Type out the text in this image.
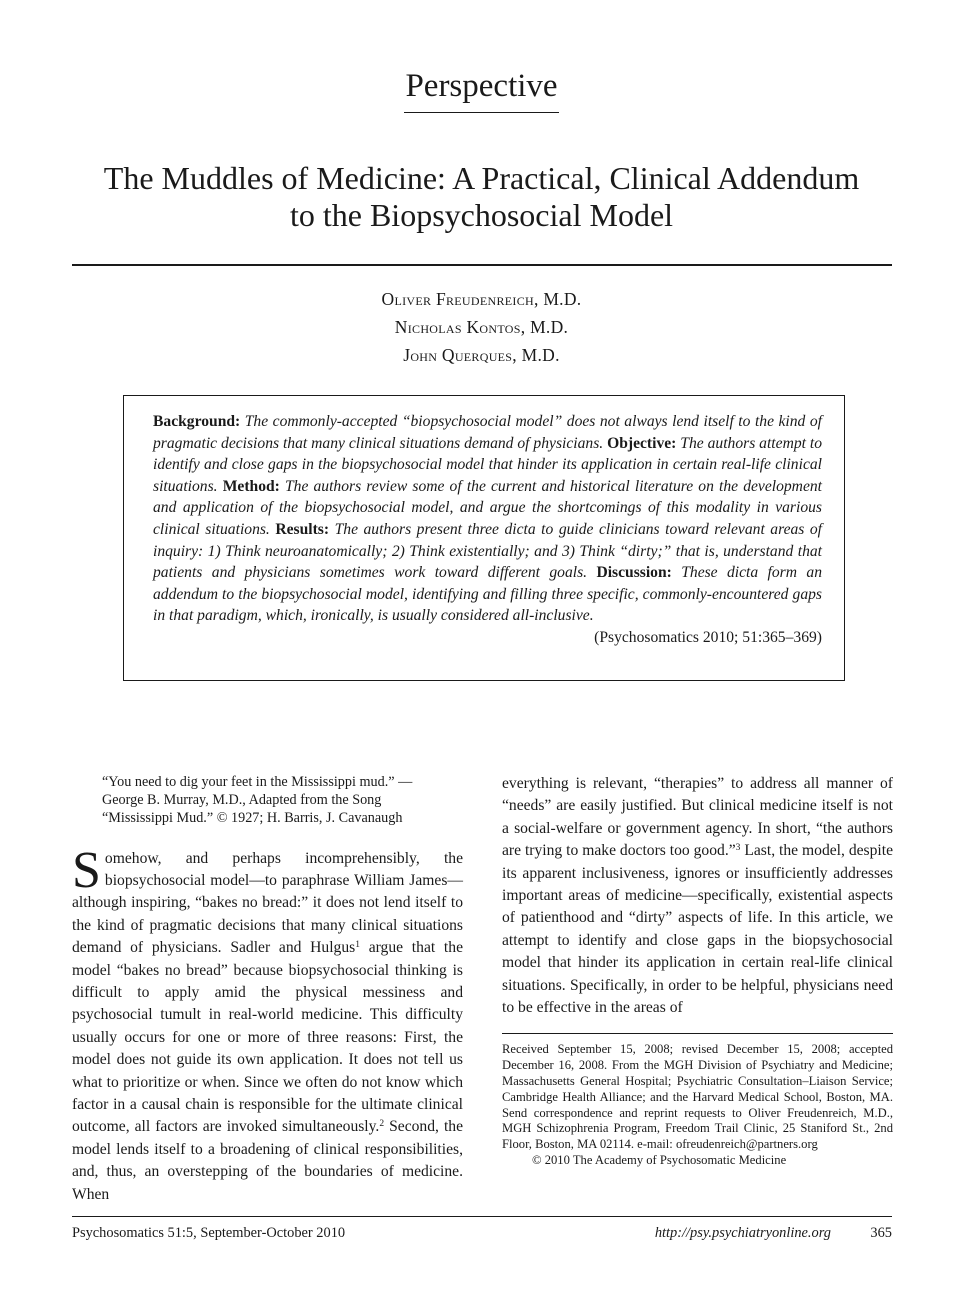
Perspective
The Muddles of Medicine: A Practical, Clinical Addendum to the Biopsychosocial Model
Oliver Freudenreich, M.D.
Nicholas Kontos, M.D.
John Querques, M.D.
Background: The commonly-accepted “biopsychosocial model” does not always lend itself to the kind of pragmatic decisions that many clinical situations demand of physicians. Objective: The authors attempt to identify and close gaps in the biopsychosocial model that hinder its application in certain real-life clinical situations. Method: The authors review some of the current and historical literature on the development and application of the biopsychosocial model, and argue the shortcomings of this modality in various clinical situations. Results: The authors present three dicta to guide clinicians toward relevant areas of inquiry: 1) Think neuroanatomically; 2) Think existentially; and 3) Think “dirty;” that is, understand that patients and physicians sometimes work toward different goals. Discussion: These dicta form an addendum to the biopsychosocial model, identifying and filling three specific, commonly-encountered gaps in that paradigm, which, ironically, is usually considered all-inclusive.
(Psychosomatics 2010; 51:365–369)
“You need to dig your feet in the Mississippi mud.” — George B. Murray, M.D., Adapted from the Song “Mississippi Mud.” © 1927; H. Barris, J. Cavanaugh

Somehow, and perhaps incomprehensibly, the biopsychosocial model—to paraphrase William James—although inspiring, “bakes no bread:” it does not lend itself to the kind of pragmatic decisions that many clinical situations demand of physicians. Sadler and Hulgus$^1$ argue that the model “bakes no bread” because biopsychosocial thinking is difficult to apply amid the physical messiness and psychosocial tumult in real-world medicine. This difficulty usually occurs for one or more of three reasons: First, the model does not guide its own application. It does not tell us what to prioritize or when. Since we often do not know which factor in a causal chain is responsible for the ultimate clinical outcome, all factors are invoked simultaneously.$^2$ Second, the model lends itself to a broadening of clinical responsibilities, and, thus, an overstepping of the boundaries of medicine. When

everything is relevant, “therapies” to address all manner of “needs” are easily justified. But clinical medicine itself is not a social-welfare or government agency. In short, “the authors are trying to make doctors too good.”$^3$ Last, the model, despite its apparent inclusiveness, ignores or insufficiently addresses important areas of medicine—specifically, existential aspects of patienthood and “dirty” aspects of life. In this article, we attempt to identify and close gaps in the biopsychosocial model that hinder its application in certain real-life clinical situations. Specifically, in order to be helpful, physicians need to be effective in the areas of

Received September 15, 2008; revised December 15, 2008; accepted December 16, 2008. From the MGH Division of Psychiatry and Medicine; Massachusetts General Hospital; Psychiatric Consultation–Liaison Service; Cambridge Health Alliance; and the Harvard Medical School, Boston, MA. Send correspondence and reprint requests to Oliver Freudenreich, M.D., MGH Schizophrenia Program, Freedom Trail Clinic, 25 Staniford St., 2nd Floor, Boston, MA 02114. e-mail: ofreudenreich@partners.org
© 2010 The Academy of Psychosomatic Medicine
Psychosomatics 51:5, September-October 2010	http://psy.psychiatryonline.org	365
